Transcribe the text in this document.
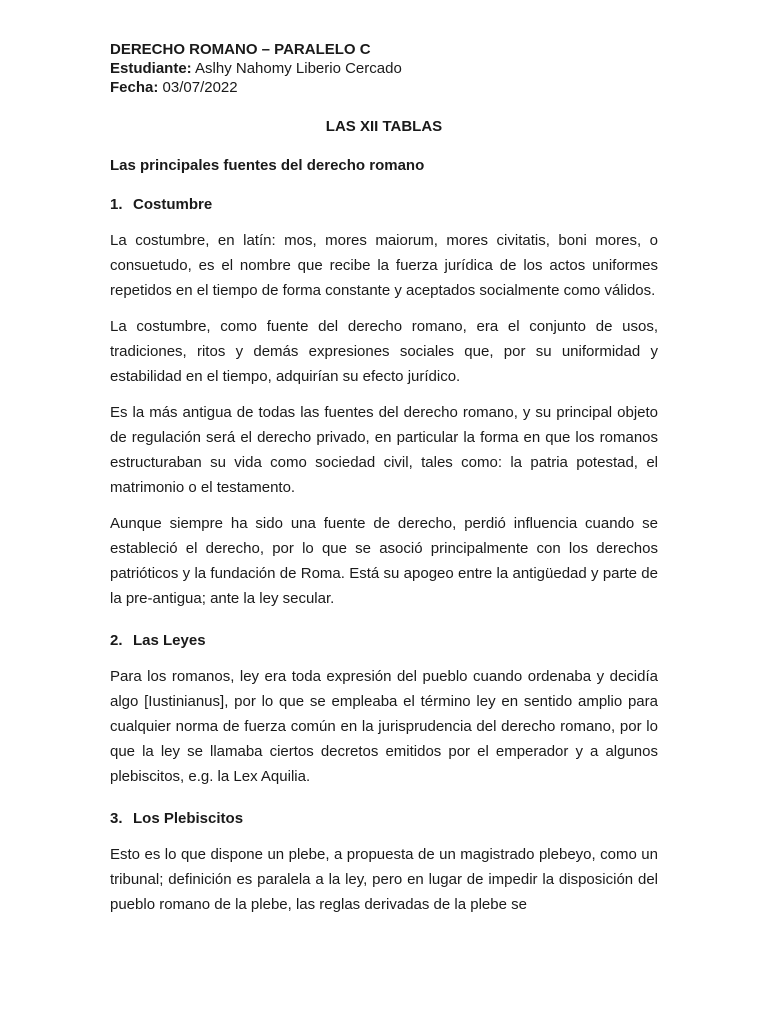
DERECHO ROMANO – PARALELO C

Estudiante: Aslhy Nahomy Liberio Cercado

Fecha: 03/07/2022

LAS XII TABLAS

Las principales fuentes del derecho romano

1. Costumbre

La costumbre, en latín: mos, mores maiorum, mores civitatis, boni mores, o consuetudo, es el nombre que recibe la fuerza jurídica de los actos uniformes repetidos en el tiempo de forma constante y aceptados socialmente como válidos.

La costumbre, como fuente del derecho romano, era el conjunto de usos, tradiciones, ritos y demás expresiones sociales que, por su uniformidad y estabilidad en el tiempo, adquirían su efecto jurídico.

Es la más antigua de todas las fuentes del derecho romano, y su principal objeto de regulación será el derecho privado, en particular la forma en que los romanos estructuraban su vida como sociedad civil, tales como: la patria potestad, el matrimonio o el testamento.

Aunque siempre ha sido una fuente de derecho, perdió influencia cuando se estableció el derecho, por lo que se asoció principalmente con los derechos patrióticos y la fundación de Roma. Está su apogeo entre la antigüedad y parte de la pre-antigua; ante la ley secular.

2. Las Leyes

Para los romanos, ley era toda expresión del pueblo cuando ordenaba y decidía algo [Iustinianus], por lo que se empleaba el término ley en sentido amplio para cualquier norma de fuerza común en la jurisprudencia del derecho romano, por lo que la ley se llamaba ciertos decretos emitidos por el emperador y a algunos plebiscitos, e.g. la Lex Aquilia.

3. Los Plebiscitos

Esto es lo que dispone un plebe, a propuesta de un magistrado plebeyo, como un tribunal; definición es paralela a la ley, pero en lugar de impedir la disposición del pueblo romano de la plebe, las reglas derivadas de la plebe se
